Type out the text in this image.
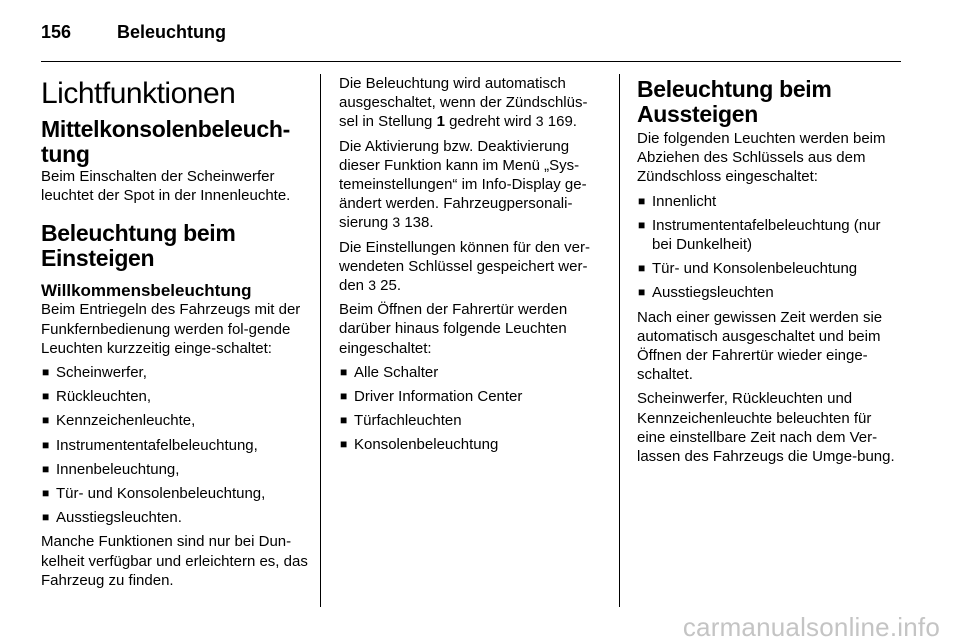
156	Beleuchtung
Lichtfunktionen
Mittelkonsolenbeleuch-
tung

Beim Einschalten der Scheinwerfer leuchtet der Spot in der Innenleuchte.

Beleuchtung beim Einsteigen
Willkommensbeleuchtung

Beim Entriegeln des Fahrzeugs mit der Funkfernbedienung werden fol-gende Leuchten kurzzeitig einge-schaltet:

■ Scheinwerfer,
■ Rückleuchten,
■ Kennzeichenleuchte,
■ Instrumententafelbeleuchtung,
■ Innenbeleuchtung,
■ Tür- und Konsolenbeleuchtung,
■ Ausstiegsleuchten.

Manche Funktionen sind nur bei Dun-kelheit verfügbar und erleichtern es, das Fahrzeug zu finden.

Die Beleuchtung wird automatisch ausgeschaltet, wenn der Zündschlüs-sel in Stellung 1 gedreht wird 3 169.

Die Aktivierung bzw. Deaktivierung dieser Funktion kann im Menü „Sys-temeinstellungen“ im Info-Display ge-ändert werden. Fahrzeugpersonali-sierung 3 138.

Die Einstellungen können für den ver-wendeten Schlüssel gespeichert wer-den 3 25.

Beim Öffnen der Fahrertür werden darüber hinaus folgende Leuchten eingeschaltet:

■ Alle Schalter
■ Driver Information Center
■ Türfachleuchten
■ Konsolenbeleuchtung
Beleuchtung beim Aussteigen

Die folgenden Leuchten werden beim Abziehen des Schlüssels aus dem Zündschloss eingeschaltet:

■ Innenlicht
■ Instrumententafelbeleuchtung (nur bei Dunkelheit)
■ Tür- und Konsolenbeleuchtung
■ Ausstiegsleuchten

Nach einer gewissen Zeit werden sie automatisch ausgeschaltet und beim Öffnen der Fahrertür wieder einge-schaltet.

Scheinwerfer, Rückleuchten und Kennzeichenleuchte beleuchten für eine einstellbare Zeit nach dem Ver-lassen des Fahrzeugs die Umge-bung.

carmanualsonline.info
